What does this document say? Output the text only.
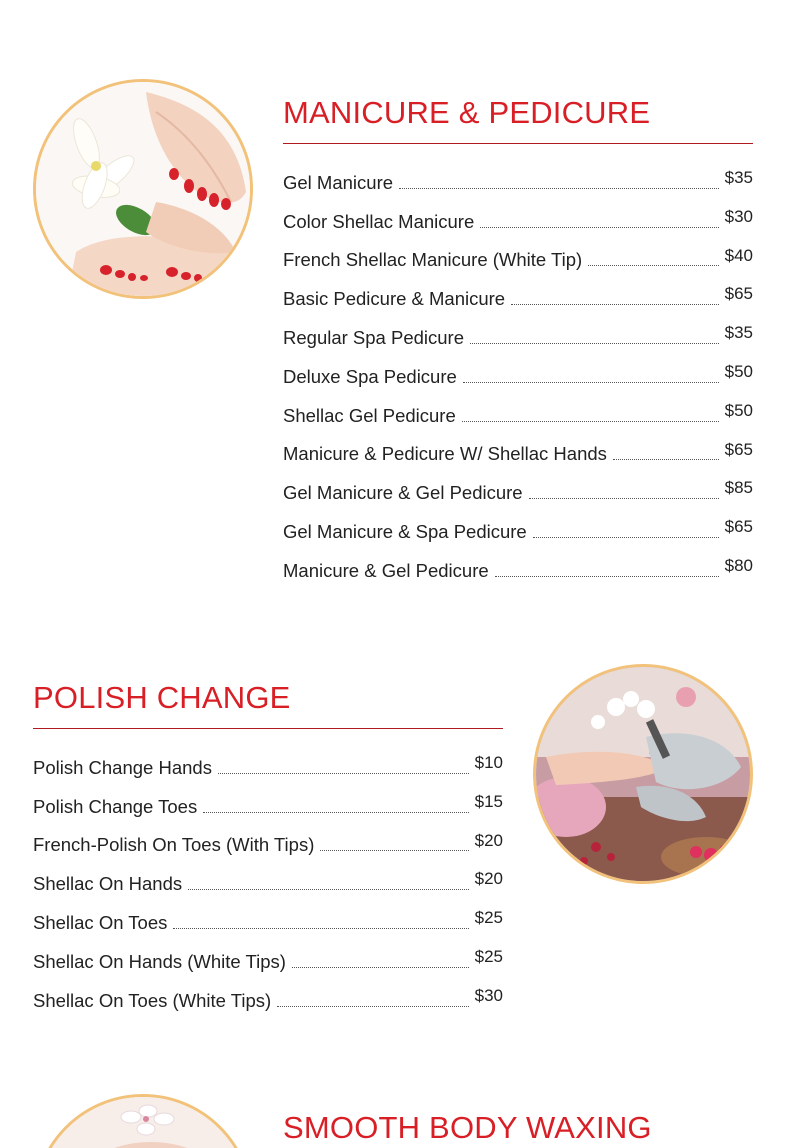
MANICURE & PEDICURE
Gel Manicure	$35
Color Shellac Manicure	$30
French Shellac Manicure (White Tip)	$40
Basic Pedicure & Manicure	$65
Regular Spa Pedicure	$35
Deluxe Spa Pedicure	$50
Shellac Gel Pedicure	$50
Manicure & Pedicure W/ Shellac Hands	$65
Gel Manicure & Gel Pedicure	$85
Gel Manicure & Spa Pedicure	$65
Manicure & Gel Pedicure	$80
POLISH CHANGE
Polish Change Hands	$10
Polish Change Toes	$15
French-Polish On Toes (With Tips)	$20
Shellac On Hands	$20
Shellac On Toes	$25
Shellac On Hands (White Tips)	$25
Shellac On Toes (White Tips)	$30
SMOOTH BODY WAXING
